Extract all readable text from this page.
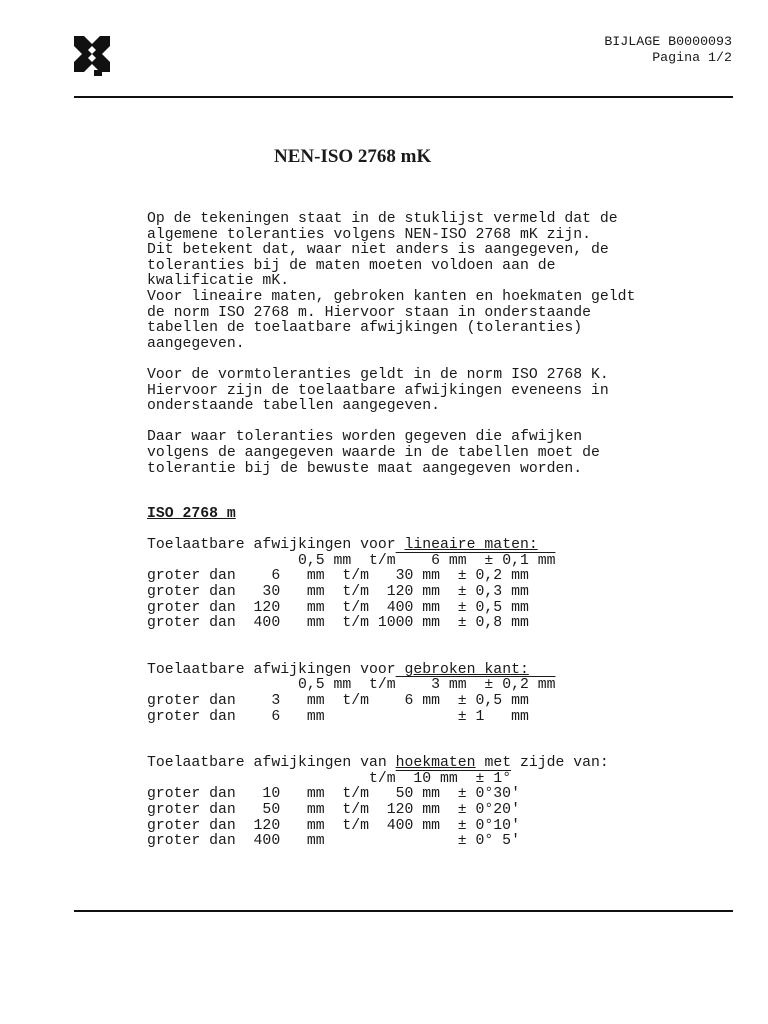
BIJLAGE B0000093
Pagina 1/2
NEN-ISO 2768 mK
Op de tekeningen staat in de stuklijst vermeld dat de
algemene toleranties volgens NEN-ISO 2768 mK zijn.
Dit betekent dat, waar niet anders is aangegeven, de
toleranties bij de maten moeten voldoen aan de
kwalificatie mK.
Voor lineaire maten, gebroken kanten en hoekmaten geldt
de norm ISO 2768 m. Hiervoor staan in onderstaande
tabellen de toelaatbare afwijkingen (toleranties)
aangegeven.
Voor de vormtoleranties geldt in de norm ISO 2768 K.
Hiervoor zijn de toelaatbare afwijkingen eveneens in
onderstaande tabellen aangegeven.
Daar waar toleranties worden gegeven die afwijken
volgens de aangegeven waarde in de tabellen moet de
tolerantie bij de bewuste maat aangegeven worden.
ISO 2768 m
Toelaatbare afwijkingen voor lineaire maten:
0,5 mm  t/m    6 mm  ± 0,1 mm
groter dan    6   mm  t/m   30 mm  ± 0,2 mm
groter dan   30   mm  t/m  120 mm  ± 0,3 mm
groter dan  120   mm  t/m  400 mm  ± 0,5 mm
groter dan  400   mm  t/m 1000 mm  ± 0,8 mm
Toelaatbare afwijkingen voor gebroken kant:
0,5 mm  t/m    3 mm  ± 0,2 mm
groter dan    3   mm  t/m    6 mm  ± 0,5 mm
groter dan    6   mm               ± 1   mm
Toelaatbare afwijkingen van hoekmaten met zijde van:
t/m  10 mm  ± 1°
groter dan   10   mm  t/m   50 mm  ± 0°30'
groter dan   50   mm  t/m  120 mm  ± 0°20'
groter dan  120   mm  t/m  400 mm  ± 0°10'
groter dan  400   mm               ± 0° 5'
